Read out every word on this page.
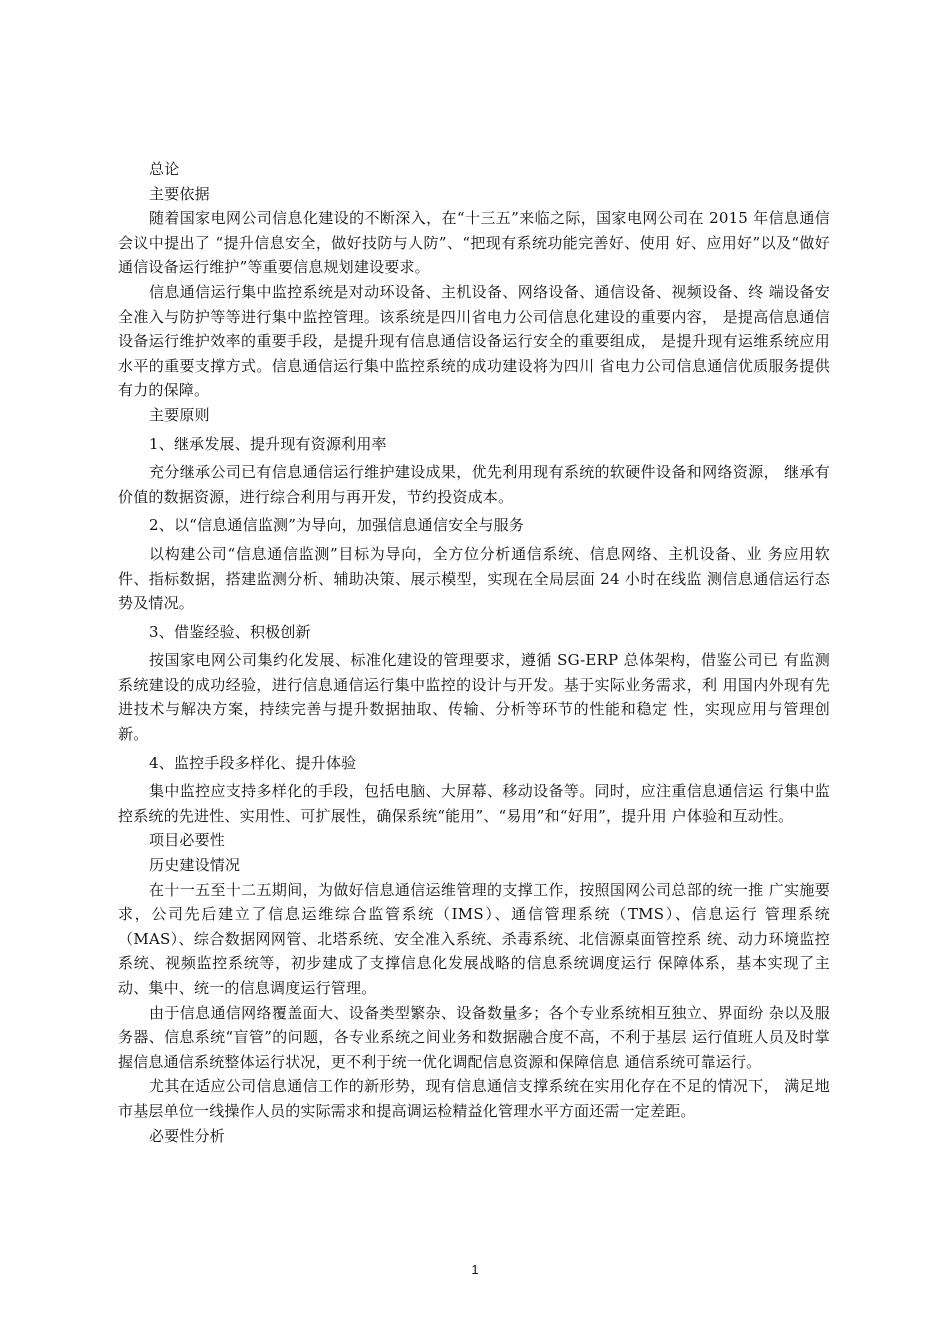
总论

主要依据

随着国家电网公司信息化建设的不断深入，在“十三五”来临之际，国家电网公司在 2015 年信息通信会议中提出了 “提升信息安全，做好技防与人防”、“把现有系统功能完善好、使用 好、应用好”以及“做好通信设备运行维护”等重要信息规划建设要求。

信息通信运行集中监控系统是对动环设备、主机设备、网络设备、通信设备、视频设备、终 端设备安全准入与防护等等进行集中监控管理。该系统是四川省电力公司信息化建设的重要内容， 是提高信息通信设备运行维护效率的重要手段，是提升现有信息通信设备运行安全的重要组成， 是提升现有运维系统应用水平的重要支撑方式。信息通信运行集中监控系统的成功建设将为四川 省电力公司信息通信优质服务提供有力的保障。

主要原则

1、继承发展、提升现有资源利用率

充分继承公司已有信息通信运行维护建设成果，优先利用现有系统的软硬件设备和网络资源， 继承有价值的数据资源，进行综合利用与再开发，节约投资成本。

2、以“信息通信监测”为导向，加强信息通信安全与服务

以构建公司“信息通信监测”目标为导向，全方位分析通信系统、信息网络、主机设备、业 务应用软件、指标数据，搭建监测分析、辅助决策、展示模型，实现在全局层面 24 小时在线监 测信息通信运行态势及情况。

3、借鉴经验、积极创新

按国家电网公司集约化发展、标准化建设的管理要求，遵循 SG-ERP 总体架构，借鉴公司已 有监测系统建设的成功经验，进行信息通信运行集中监控的设计与开发。基于实际业务需求，利 用国内外现有先进技术与解决方案，持续完善与提升数据抽取、传输、分析等环节的性能和稳定 性，实现应用与管理创新。

4、监控手段多样化、提升体验

集中监控应支持多样化的手段，包括电脑、大屏幕、移动设备等。同时，应注重信息通信运 行集中监控系统的先进性、实用性、可扩展性，确保系统“能用”、“易用”和“好用”，提升用 户体验和互动性。

项目必要性

历史建设情况

在十一五至十二五期间，为做好信息通信运维管理的支撑工作，按照国网公司总部的统一推 广实施要求，公司先后建立了信息运维综合监管系统（IMS）、通信管理系统（TMS）、信息运行 管理系统（MAS）、综合数据网网管、北塔系统、安全准入系统、杀毒系统、北信源桌面管控系 统、动力环境监控系统、视频监控系统等，初步建成了支撑信息化发展战略的信息系统调度运行 保障体系，基本实现了主动、集中、统一的信息调度运行管理。

由于信息通信网络覆盖面大、设备类型繁杂、设备数量多；各个专业系统相互独立、界面纷 杂以及服务器、信息系统“盲管”的问题，各专业系统之间业务和数据融合度不高，不利于基层 运行值班人员及时掌握信息通信系统整体运行状况，更不利于统一优化调配信息资源和保障信息 通信系统可靠运行。

尤其在适应公司信息通信工作的新形势，现有信息通信支撑系统在实用化存在不足的情况下， 满足地市基层单位一线操作人员的实际需求和提高调运检精益化管理水平方面还需一定差距。

必要性分析

1
